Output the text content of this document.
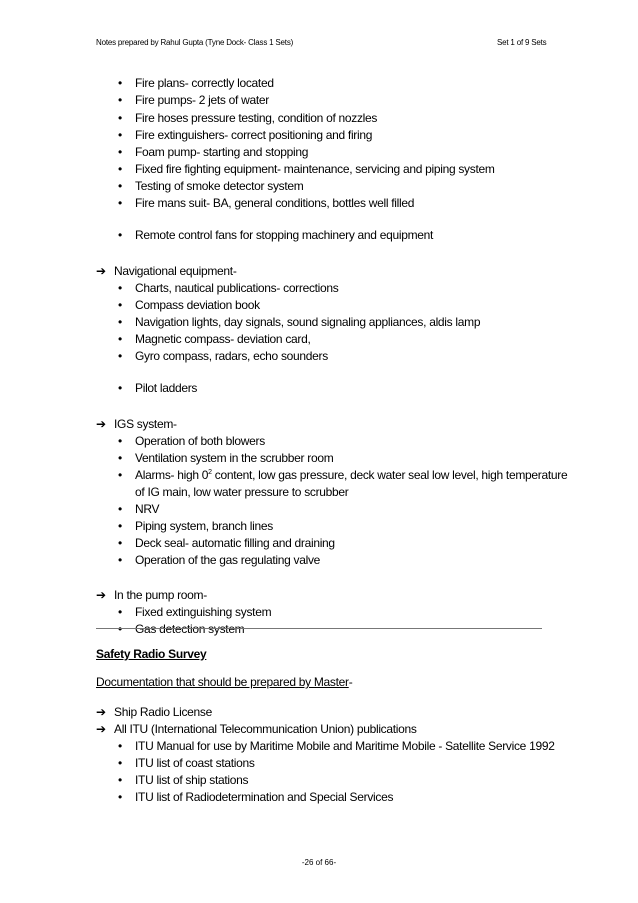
Notes prepared by Rahul Gupta (Tyne Dock- Class 1 Sets)	Set 1 of 9 Sets
• Fire plans- correctly located
• Fire pumps- 2 jets of water
• Fire hoses pressure testing, condition of nozzles
• Fire extinguishers- correct positioning and firing
• Foam pump- starting and stopping
• Fixed fire fighting equipment- maintenance, servicing and piping system
• Testing of smoke detector system
• Fire mans suit- BA, general conditions, bottles well filled
• Remote control fans for stopping machinery and equipment
➔ Navigational equipment-
• Charts, nautical publications- corrections
• Compass deviation book
• Navigation lights, day signals, sound signaling appliances, aldis lamp
• Magnetic compass- deviation card,
• Gyro compass, radars, echo sounders
• Pilot ladders
➔ IGS system-
• Operation of both blowers
• Ventilation system in the scrubber room
• Alarms- high $0^2$ content, low gas pressure, deck water seal low level, high temperature
of IG main, low water pressure to scrubber
• NRV
• Piping system, branch lines
• Deck seal- automatic filling and draining
• Operation of the gas regulating valve
➔ In the pump room-
• Fixed extinguishing system
• Gas detection system
Safety Radio Survey
Documentation that should be prepared by Master-
➔ Ship Radio License
➔ All ITU (International Telecommunication Union) publications
• ITU Manual for use by Maritime Mobile and Maritime Mobile - Satellite Service 1992
• ITU list of coast stations
• ITU list of ship stations
• ITU list of Radiodetermination and Special Services
-26 of 66-
